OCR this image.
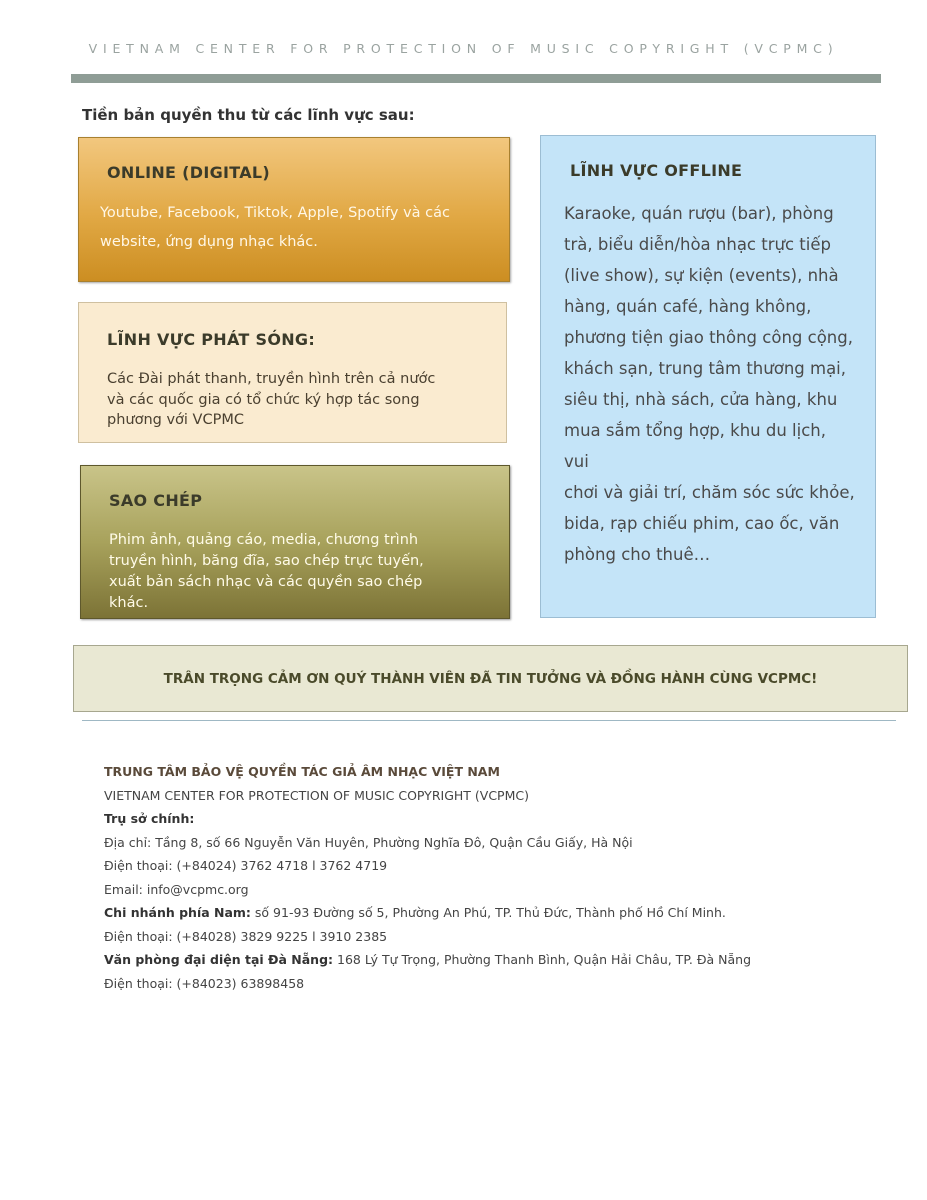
VIETNAM CENTER FOR PROTECTION OF MUSIC COPYRIGHT (VCPMC)
Tiền bản quyền thu từ các lĩnh vực sau:
ONLINE (DIGITAL)
Youtube, Facebook, Tiktok, Apple, Spotify và các
website, ứng dụng nhạc khác.
LĨNH VỰC PHÁT SÓNG:
Các Đài phát thanh, truyền hình trên cả nước
và các quốc gia có tổ chức ký hợp tác song
phương với VCPMC
SAO CHÉP
Phim ảnh, quảng cáo, media, chương trình
truyền hình, băng đĩa, sao chép trực tuyến,
xuất bản sách nhạc và các quyền sao chép
khác.
LĨNH VỰC OFFLINE
Karaoke, quán rượu (bar), phòng
trà, biểu diễn/hòa nhạc trực tiếp
(live show), sự kiện (events), nhà
hàng, quán café, hàng không,
phương tiện giao thông công cộng,
khách sạn, trung tâm thương mại,
siêu thị, nhà sách, cửa hàng, khu
mua sắm tổng hợp, khu du lịch, vui
chơi và giải trí, chăm sóc sức khỏe,
bida, rạp chiếu phim, cao ốc, văn
phòng cho thuê…
TRÂN TRỌNG CẢM ƠN QUÝ THÀNH VIÊN ĐÃ TIN TƯỞNG VÀ ĐỒNG HÀNH CÙNG VCPMC!
TRUNG TÂM BẢO VỆ QUYỀN TÁC GIẢ ÂM NHẠC VIỆT NAM
VIETNAM CENTER FOR PROTECTION OF MUSIC COPYRIGHT (VCPMC)
Trụ sở chính:
Địa chỉ: Tầng 8, số 66 Nguyễn Văn Huyên, Phường Nghĩa Đô, Quận Cầu Giấy, Hà Nội
Điện thoại: (+84024) 3762 4718 l 3762 4719
Email: info@vcpmc.org
Chi nhánh phía Nam: số 91-93 Đường số 5, Phường An Phú, TP. Thủ Đức, Thành phố Hồ Chí Minh.
Điện thoại: (+84028) 3829 9225 l 3910 2385
Văn phòng đại diện tại Đà Nẵng: 168 Lý Tự Trọng, Phường Thanh Bình, Quận Hải Châu, TP. Đà Nẵng
Điện thoại: (+84023) 63898458
